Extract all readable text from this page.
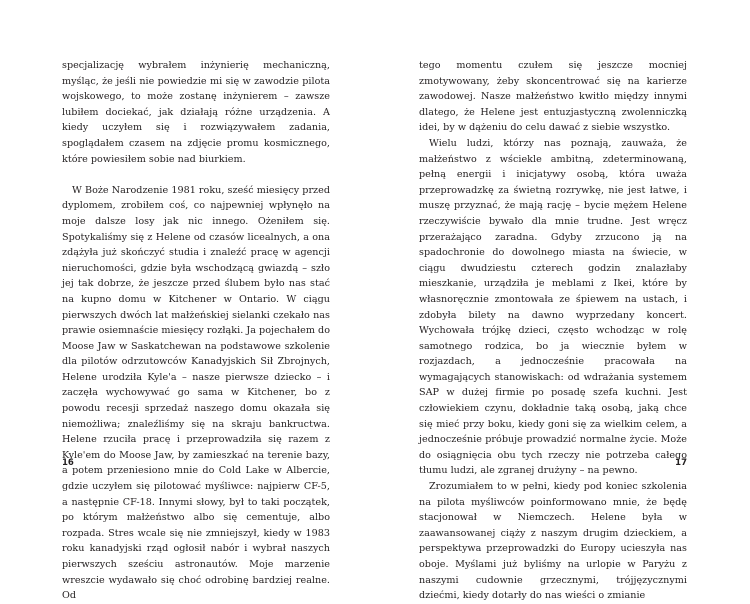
specjalizację wybrałem inżynierię mechaniczną, myśląc, że jeśli nie powiedzie mi się w zawodzie pilota wojskowego, to może zostanę inżynierem – zawsze lubiłem dociekać, jak działają różne urządzenia. A kiedy uczyłem się i rozwiązywałem zadania, spoglądałem czasem na zdjęcie promu kosmicznego, które powiesiłem sobie nad biurkiem.

W Boże Narodzenie 1981 roku, sześć miesięcy przed dyplomem, zrobiłem coś, co najpewniej wpłynęło na moje dalsze losy jak nic innego. Ożeniłem się. Spotykaliśmy się z Helene od czasów licealnych, a ona zdążyła już skończyć studia i znaleźć pracę w agencji nieruchomości, gdzie była wschodzącą gwiazdą – szło jej tak dobrze, że jeszcze przed ślubem było nas stać na kupno domu w Kitchener w Ontario. W ciągu pierwszych dwóch lat małżeńskiej sielanki czekało nas prawie osiemnaście miesięcy rozłąki. Ja pojechałem do Moose Jaw w Saskatchewan na podstawowe szkolenie dla pilotów odrzutowców Kanadyjskich Sił Zbrojnych, Helene urodziła Kyle'a – nasze pierwsze dziecko – i zaczęła wychowywać go sama w Kitchener, bo z powodu recesji sprzedaż naszego domu okazała się niemożliwa; znaleźliśmy się na skraju bankructwa. Helene rzuciła pracę i przeprowadziła się razem z Kyle'em do Moose Jaw, by zamieszkać na terenie bazy, a potem przeniesiono mnie do Cold Lake w Albercie, gdzie uczyłem się pilotować myśliwce: najpierw CF-5, a następnie CF-18. Innymi słowy, był to taki początek, po którym małżeństwo albo się cementuje, albo rozpada. Stres wcale się nie zmniejszył, kiedy w 1983 roku kanadyjski rząd ogłosił nabór i wybrał naszych pierwszych sześciu astronautów. Moje marzenie wreszcie wydawało się choć odrobinę bardziej realne. Od

16

tego momentu czułem się jeszcze mocniej zmotywowany, żeby skoncentrować się na karierze zawodowej. Nasze małżeństwo kwitło między innymi dlatego, że Helene jest entuzjastyczną zwolenniczką idei, by w dążeniu do celu dawać z siebie wszystko.

Wielu ludzi, którzy nas poznają, zauważa, że małżeństwo z wściekle ambitną, zdeterminowaną, pełną energii i inicjatywy osobą, która uważa przeprowadzkę za świetną rozrywkę, nie jest łatwe, i muszę przyznać, że mają rację – bycie mężem Helene rzeczywiście bywało dla mnie trudne. Jest wręcz przerażająco zaradna. Gdyby zrzucono ją na spadochronie do dowolnego miasta na świecie, w ciągu dwudziestu czterech godzin znalazłaby mieszkanie, urządziła je meblami z Ikei, które by własnoręcznie zmontowała ze śpiewem na ustach, i zdobyła bilety na dawno wyprzedany koncert. Wychowała trójkę dzieci, często wchodząc w rolę samotnego rodzica, bo ja wiecznie byłem w rozjazdach, a jednocześnie pracowała na wymagających stanowiskach: od wdrażania systemem SAP w dużej firmie po posadę szefa kuchni. Jest człowiekiem czynu, dokładnie taką osobą, jaką chce się mieć przy boku, kiedy goni się za wielkim celem, a jednocześnie próbuje prowadzić normalne życie. Może do osiągnięcia obu tych rzeczy nie potrzeba całego tłumu ludzi, ale zgranej drużyny – na pewno.

Zrozumiałem to w pełni, kiedy pod koniec szkolenia na pilota myśliwców poinformowano mnie, że będę stacjonował w Niemczech. Helene była w zaawansowanej ciąży z naszym drugim dzieckiem, a perspektywa przeprowadzki do Europy ucieszyła nas oboje. Myślami już byliśmy na urlopie w Paryżu z naszymi cudownie grzecznymi, trójjęzycznymi dziećmi, kiedy dotarły do nas wieści o zmianie

17
